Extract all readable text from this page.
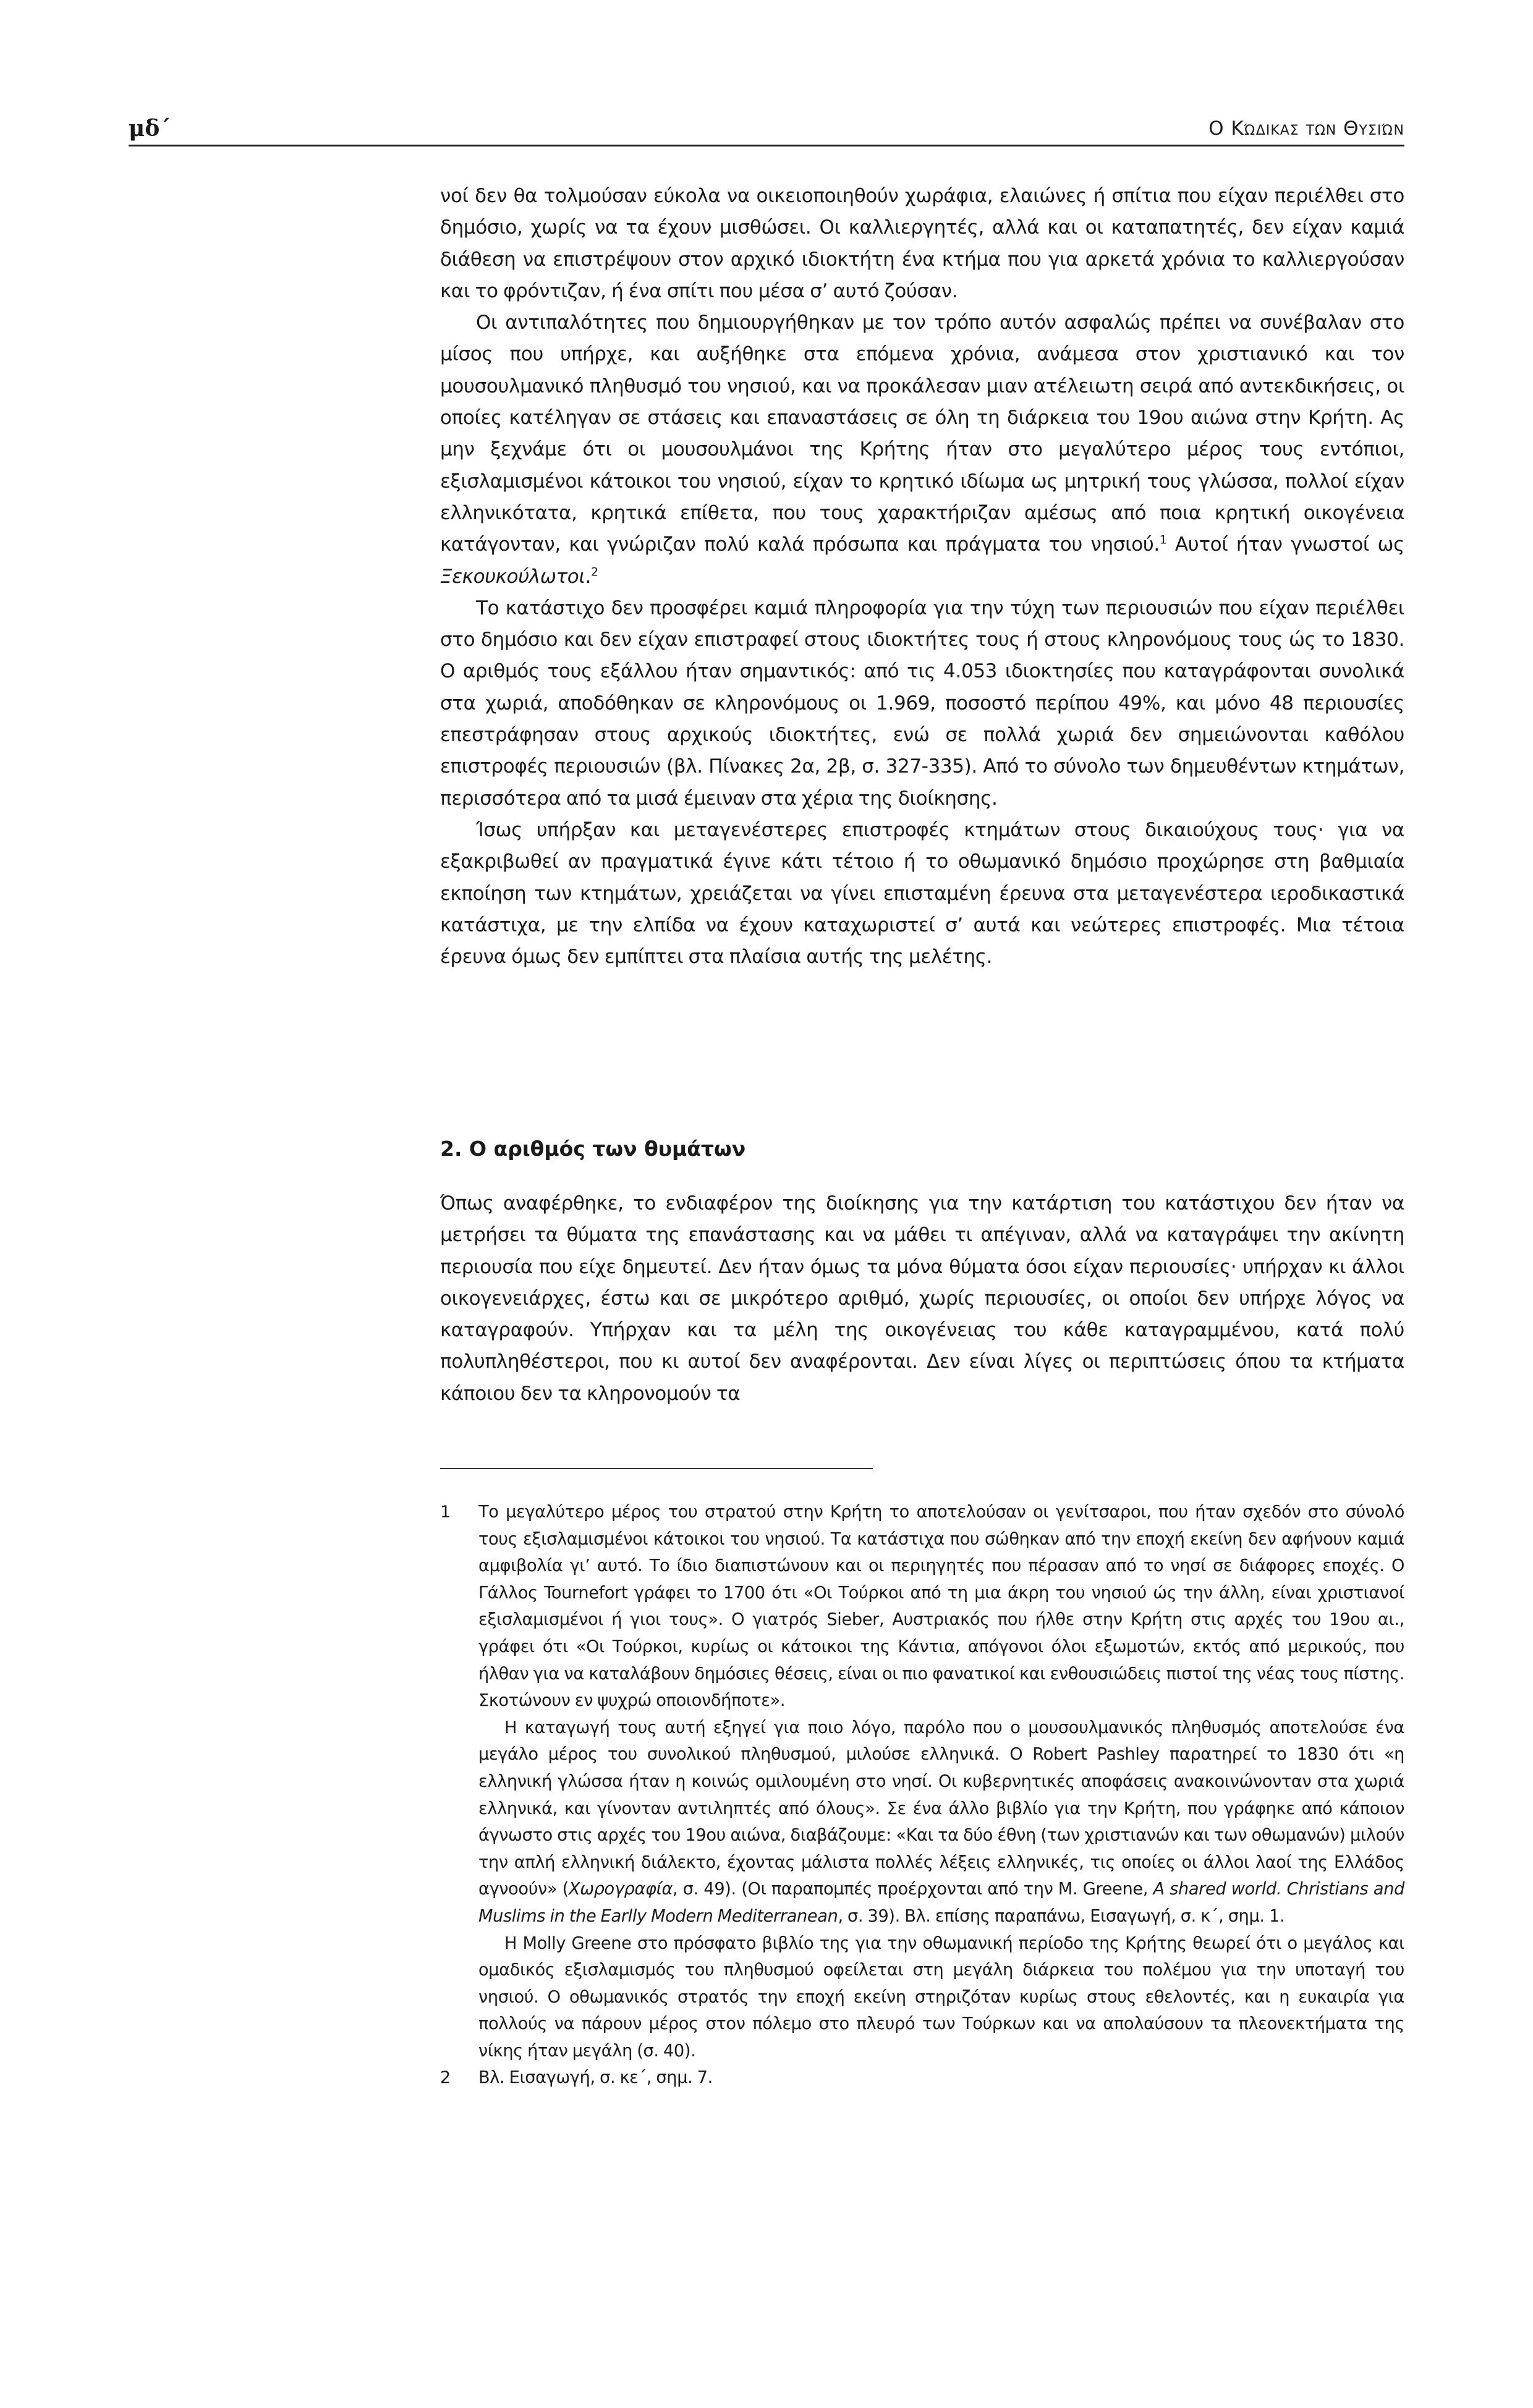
μδ΄	Ο Κώδικας των Θυσιών

νοί δεν θα τολμούσαν εύκολα να οικειοποιηθούν χωράφια, ελαιώνες ή σπίτια που είχαν περιέλθει στο δημόσιο, χωρίς να τα έχουν μισθώσει. Οι καλλιεργητές, αλλά και οι καταπατητές, δεν είχαν καμιά διάθεση να επιστρέψουν στον αρχικό ιδιοκτήτη ένα κτήμα που για αρκετά χρόνια το καλλιεργούσαν και το φρόντιζαν, ή ένα σπίτι που μέσα σ’ αυτό ζούσαν.

Οι αντιπαλότητες που δημιουργήθηκαν με τον τρόπο αυτόν ασφαλώς πρέπει να συνέβαλαν στο μίσος που υπήρχε, και αυξήθηκε στα επόμενα χρόνια, ανάμεσα στον χριστιανικό και τον μουσουλμανικό πληθυσμό του νησιού, και να προκάλεσαν μιαν ατέλειωτη σειρά από αντεκδικήσεις, οι οποίες κατέληγαν σε στάσεις και επαναστάσεις σε όλη τη διάρκεια του 19ου αιώνα στην Κρήτη. Ας μην ξεχνάμε ότι οι μουσουλμάνοι της Κρήτης ήταν στο μεγαλύτερο μέρος τους εντόπιοι, εξισλαμισμένοι κάτοικοι του νησιού, είχαν το κρητικό ιδίωμα ως μητρική τους γλώσσα, πολλοί είχαν ελληνικότατα, κρητικά επίθετα, που τους χαρακτήριζαν αμέσως από ποια κρητική οικογένεια κατάγονταν, και γνώριζαν πολύ καλά πρόσωπα και πράγματα του νησιού.$^1$ Αυτοί ήταν γνωστοί ως Ξεκουκούλωτοι.$^2$

Το κατάστιχο δεν προσφέρει καμιά πληροφορία για την τύχη των περιουσιών που είχαν περιέλθει στο δημόσιο και δεν είχαν επιστραφεί στους ιδιοκτήτες τους ή στους κληρονόμους τους ώς το 1830. Ο αριθμός τους εξάλλου ήταν σημαντικός: από τις 4.053 ιδιοκτησίες που καταγράφονται συνολικά στα χωριά, αποδόθηκαν σε κληρονόμους οι 1.969, ποσοστό περίπου 49%, και μόνο 48 περιουσίες επεστράφησαν στους αρχικούς ιδιοκτήτες, ενώ σε πολλά χωριά δεν σημειώνονται καθόλου επιστροφές περιουσιών (βλ. Πίνακες 2α, 2β, σ. 327-335). Από το σύνολο των δημευθέντων κτημάτων, περισσότερα από τα μισά έμειναν στα χέρια της διοίκησης.

Ίσως υπήρξαν και μεταγενέστερες επιστροφές κτημάτων στους δικαιούχους τους· για να εξακριβωθεί αν πραγματικά έγινε κάτι τέτοιο ή το οθωμανικό δημόσιο προχώρησε στη βαθμιαία εκποίηση των κτημάτων, χρειάζεται να γίνει επισταμένη έρευνα στα μεταγενέστερα ιεροδικαστικά κατάστιχα, με την ελπίδα να έχουν καταχωριστεί σ’ αυτά και νεώτερες επιστροφές. Μια τέτοια έρευνα όμως δεν εμπίπτει στα πλαίσια αυτής της μελέτης.

2. Ο αριθμός των θυμάτων

Όπως αναφέρθηκε, το ενδιαφέρον της διοίκησης για την κατάρτιση του κατάστιχου δεν ήταν να μετρήσει τα θύματα της επανάστασης και να μάθει τι απέγιναν, αλλά να καταγράψει την ακίνητη περιουσία που είχε δημευτεί. Δεν ήταν όμως τα μόνα θύματα όσοι είχαν περιουσίες· υπήρχαν κι άλλοι οικογενειάρχες, έστω και σε μικρότερο αριθμό, χωρίς περιουσίες, οι οποίοι δεν υπήρχε λόγος να καταγραφούν. Υπήρχαν και τα μέλη της οικογένειας του κάθε καταγραμμένου, κατά πολύ πολυπληθέστεροι, που κι αυτοί δεν αναφέρονται. Δεν είναι λίγες οι περιπτώσεις όπου τα κτήματα κάποιου δεν τα κληρονομούν τα

1 Το μεγαλύτερο μέρος του στρατού στην Κρήτη το αποτελούσαν οι γενίτσαροι, που ήταν σχεδόν στο σύνολό τους εξισλαμισμένοι κάτοικοι του νησιού. Τα κατάστιχα που σώθηκαν από την εποχή εκείνη δεν αφήνουν καμιά αμφιβολία γι’ αυτό. Το ίδιο διαπιστώνουν και οι περιηγητές που πέρασαν από το νησί σε διάφορες εποχές. Ο Γάλλος Tournefort γράφει το 1700 ότι «Οι Τούρκοι από τη μια άκρη του νησιού ώς την άλλη, είναι χριστιανοί εξισλαμισμένοι ή γιοι τους». Ο γιατρός Sieber, Αυστριακός που ήλθε στην Κρήτη στις αρχές του 19ου αι., γράφει ότι «Οι Τούρκοι, κυρίως οι κάτοικοι της Κάντια, απόγονοι όλοι εξωμοτών, εκτός από μερικούς, που ήλθαν για να καταλάβουν δημόσιες θέσεις, είναι οι πιο φανατικοί και ενθουσιώδεις πιστοί της νέας τους πίστης. Σκοτώνουν εν ψυχρώ οποιονδήποτε».

Η καταγωγή τους αυτή εξηγεί για ποιο λόγο, παρόλο που ο μουσουλμανικός πληθυσμός αποτελούσε ένα μεγάλο μέρος του συνολικού πληθυσμού, μιλούσε ελληνικά. Ο Robert Pashley παρατηρεί το 1830 ότι «η ελληνική γλώσσα ήταν η κοινώς ομιλουμένη στο νησί. Οι κυβερνητικές αποφάσεις ανακοινώνονταν στα χωριά ελληνικά, και γίνονταν αντιληπτές από όλους». Σε ένα άλλο βιβλίο για την Κρήτη, που γράφηκε από κάποιον άγνωστο στις αρχές του 19ου αιώνα, διαβάζουμε: «Και τα δύο έθνη (των χριστιανών και των οθωμανών) μιλούν την απλή ελληνική διάλεκτο, έχοντας μάλιστα πολλές λέξεις ελληνικές, τις οποίες οι άλλοι λαοί της Ελλάδος αγνοούν» (Χωρογραφία, σ. 49). (Οι παραπομπές προέρχονται από την M. Greene, A shared world. Christians and Muslims in the Earlly Modern Mediterranean, σ. 39). Βλ. επίσης παραπάνω, Εισαγωγή, σ. κ΄, σημ. 1.

Η Molly Greene στο πρόσφατο βιβλίο της για την οθωμανική περίοδο της Κρήτης θεωρεί ότι ο μεγάλος και ομαδικός εξισλαμισμός του πληθυσμού οφείλεται στη μεγάλη διάρκεια του πολέμου για την υποταγή του νησιού. Ο οθωμανικός στρατός την εποχή εκείνη στηριζόταν κυρίως στους εθελοντές, και η ευκαιρία για πολλούς να πάρουν μέρος στον πόλεμο στο πλευρό των Τούρκων και να απολαύσουν τα πλεονεκτήματα της νίκης ήταν μεγάλη (σ. 40).

2 Βλ. Εισαγωγή, σ. κε΄, σημ. 7.
